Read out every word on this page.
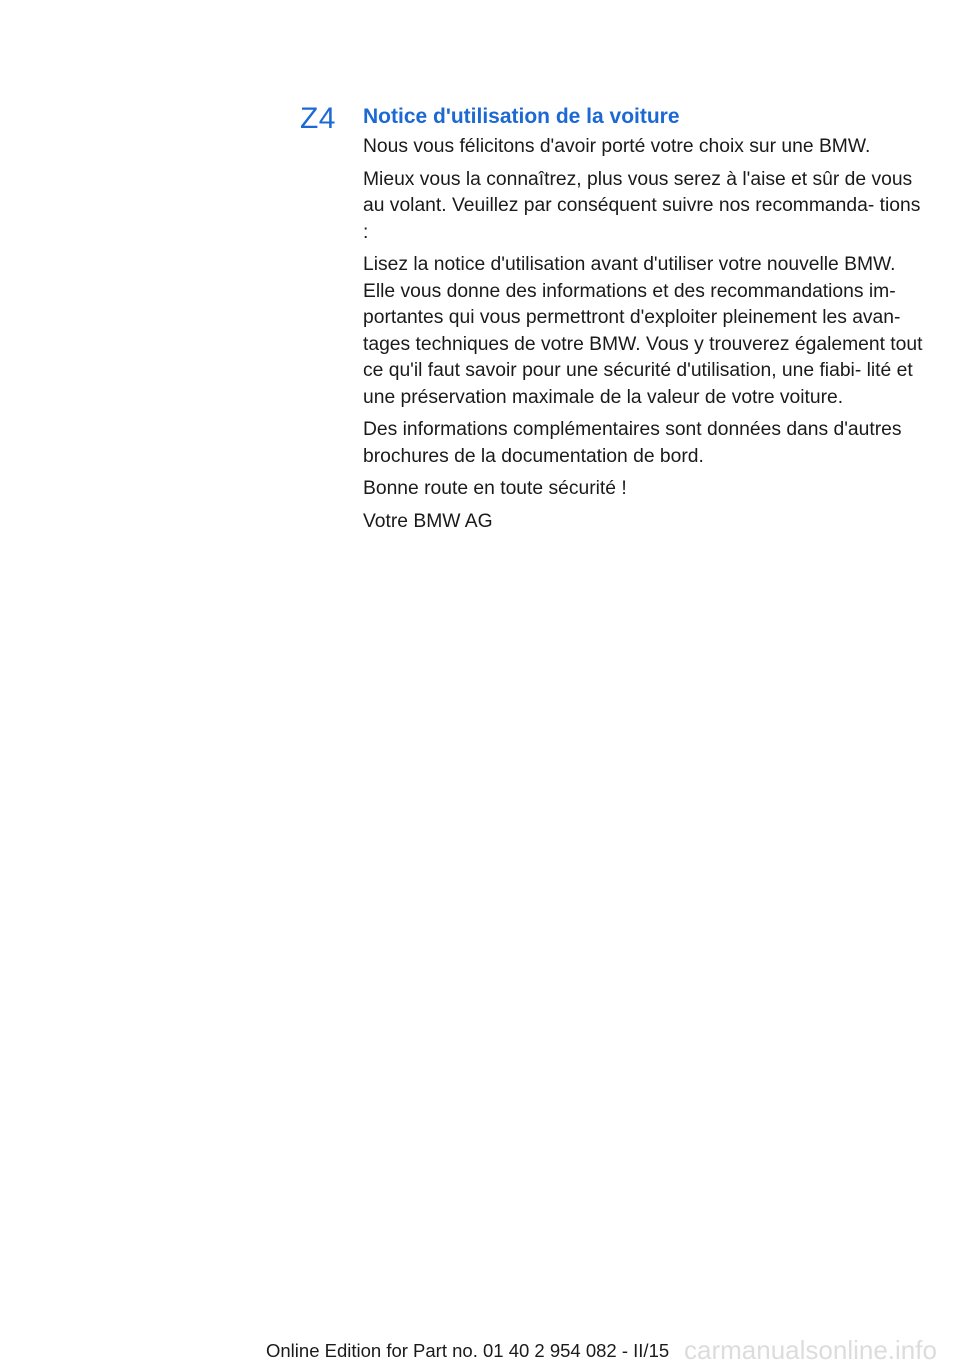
Z4 Notice d'utilisation de la voiture

Nous vous félicitons d'avoir porté votre choix sur une BMW.

Mieux vous la connaîtrez, plus vous serez à l'aise et sûr de vous au volant. Veuillez par conséquent suivre nos recommanda‐ tions :

Lisez la notice d'utilisation avant d'utiliser votre nouvelle BMW. Elle vous donne des informations et des recommandations im‐ portantes qui vous permettront d'exploiter pleinement les avan‐ tages techniques de votre BMW. Vous y trouverez également tout ce qu'il faut savoir pour une sécurité d'utilisation, une fiabi‐ lité et une préservation maximale de la valeur de votre voiture.

Des informations complémentaires sont données dans d'autres brochures de la documentation de bord.

Bonne route en toute sécurité !

Votre BMW AG

Online Edition for Part no. 01 40 2 954 082 - II/15 carmanualsonline.info
